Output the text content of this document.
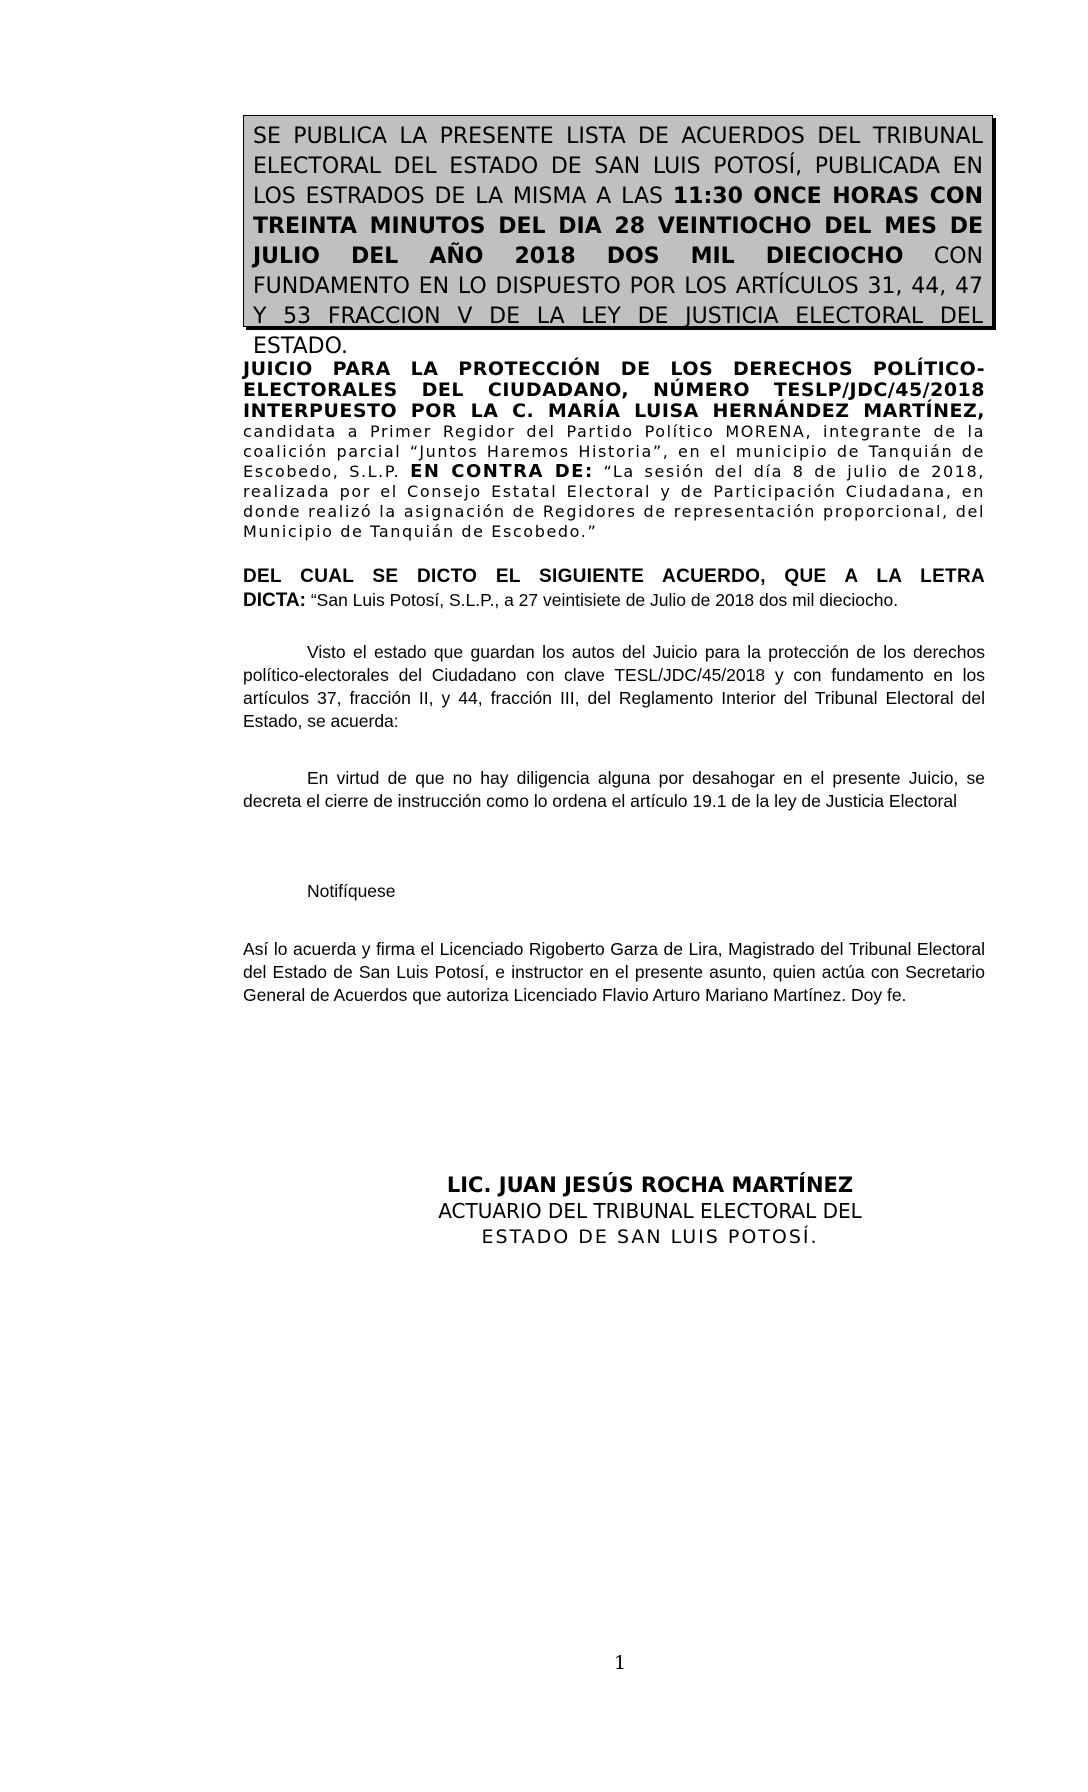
SE PUBLICA LA PRESENTE LISTA DE ACUERDOS DEL TRIBUNAL ELECTORAL DEL ESTADO DE SAN LUIS POTOSÍ, PUBLICADA EN LOS ESTRADOS DE LA MISMA A LAS 11:30 ONCE HORAS CON TREINTA MINUTOS DEL DIA 28 VEINTIOCHO DEL MES DE JULIO DEL AÑO 2018 DOS MIL DIECIOCHO CON FUNDAMENTO EN LO DISPUESTO POR LOS ARTÍCULOS 31, 44, 47 Y 53 FRACCION V DE LA LEY DE JUSTICIA ELECTORAL DEL ESTADO.
JUICIO PARA LA PROTECCIÓN DE LOS DERECHOS POLÍTICO-ELECTORALES DEL CIUDADANO, NÚMERO TESLP/JDC/45/2018 INTERPUESTO POR LA C. MARÍA LUISA HERNÁNDEZ MARTÍNEZ, candidata a Primer Regidor del Partido Político MORENA, integrante de la coalición parcial “Juntos Haremos Historia”, en el municipio de Tanquián de Escobedo, S.L.P. EN CONTRA DE: “La sesión del día 8 de julio de 2018, realizada por el Consejo Estatal Electoral y de Participación Ciudadana, en donde realizó la asignación de Regidores de representación proporcional, del Municipio de Tanquián de Escobedo.”
DEL CUAL SE DICTO EL SIGUIENTE ACUERDO, QUE A LA LETRA
DICTA: “San Luis Potosí, S.L.P., a 27 veintisiete de Julio de 2018 dos mil dieciocho.
Visto el estado que guardan los autos del Juicio para la protección de los derechos político-electorales del Ciudadano con clave TESL/JDC/45/2018 y con fundamento en los artículos 37, fracción II, y 44, fracción III, del Reglamento Interior del Tribunal Electoral del Estado, se acuerda:
En virtud de que no hay diligencia alguna por desahogar en el presente Juicio, se decreta el cierre de instrucción como lo ordena el artículo 19.1 de la ley de Justicia Electoral
Notifíquese
Así lo acuerda y firma el Licenciado Rigoberto Garza de Lira, Magistrado del Tribunal Electoral del Estado de San Luis Potosí, e instructor en el presente asunto, quien actúa con Secretario General de Acuerdos que autoriza Licenciado Flavio Arturo Mariano Martínez. Doy fe.
LIC. JUAN JESÚS ROCHA MARTÍNEZ
ACTUARIO DEL TRIBUNAL ELECTORAL DEL
ESTADO DE SAN LUIS POTOSÍ.
1
